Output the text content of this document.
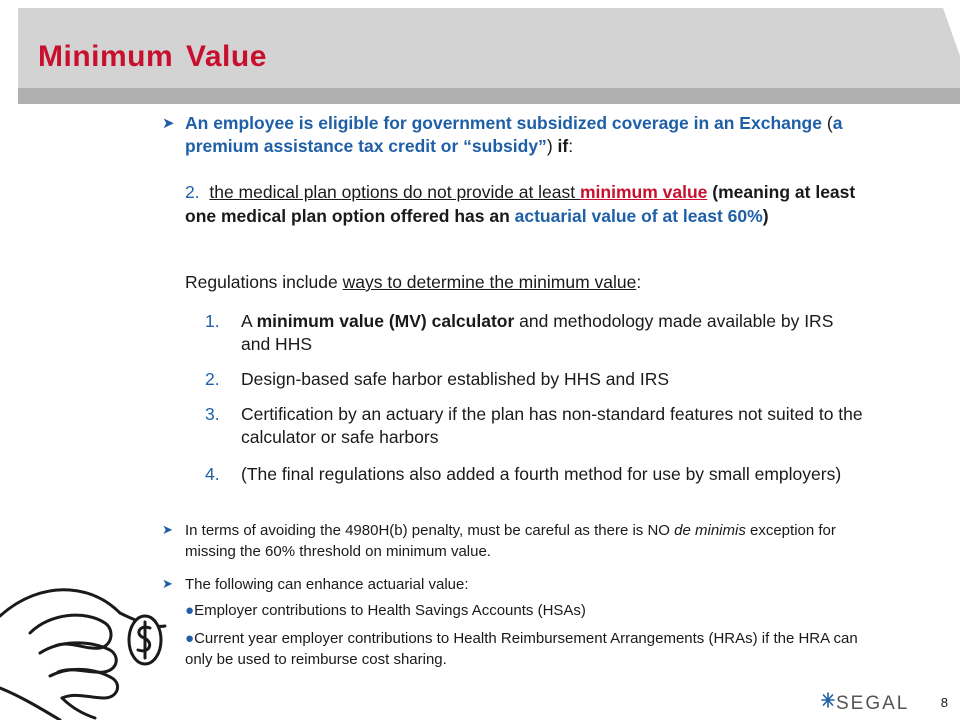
Minimum Value
➤ An employee is eligible for government subsidized coverage in an Exchange (a premium assistance tax credit or “subsidy”) if:

2. the medical plan options do not provide at least minimum value (meaning at least one medical plan option offered has an actuarial value of at least 60%)

Regulations include ways to determine the minimum value:

1.	A minimum value (MV) calculator and methodology made available by IRS and HHS
2.	Design-based safe harbor established by HHS and IRS
3.	Certification by an actuary if the plan has non-standard features not suited to the calculator or safe harbors
4.	(The final regulations also added a fourth method for use by small employers)
➤ In terms of avoiding the 4980H(b) penalty, must be careful as there is NO de minimis exception for missing the 60% threshold on minimum value.

➤ The following can enhance actuarial value:

●Employer contributions to Health Savings Accounts (HSAs)

●Current year employer contributions to Health Reimbursement Arrangements (HRAs) if the HRA can only be used to reimburse cost sharing.

SEGAL 8
